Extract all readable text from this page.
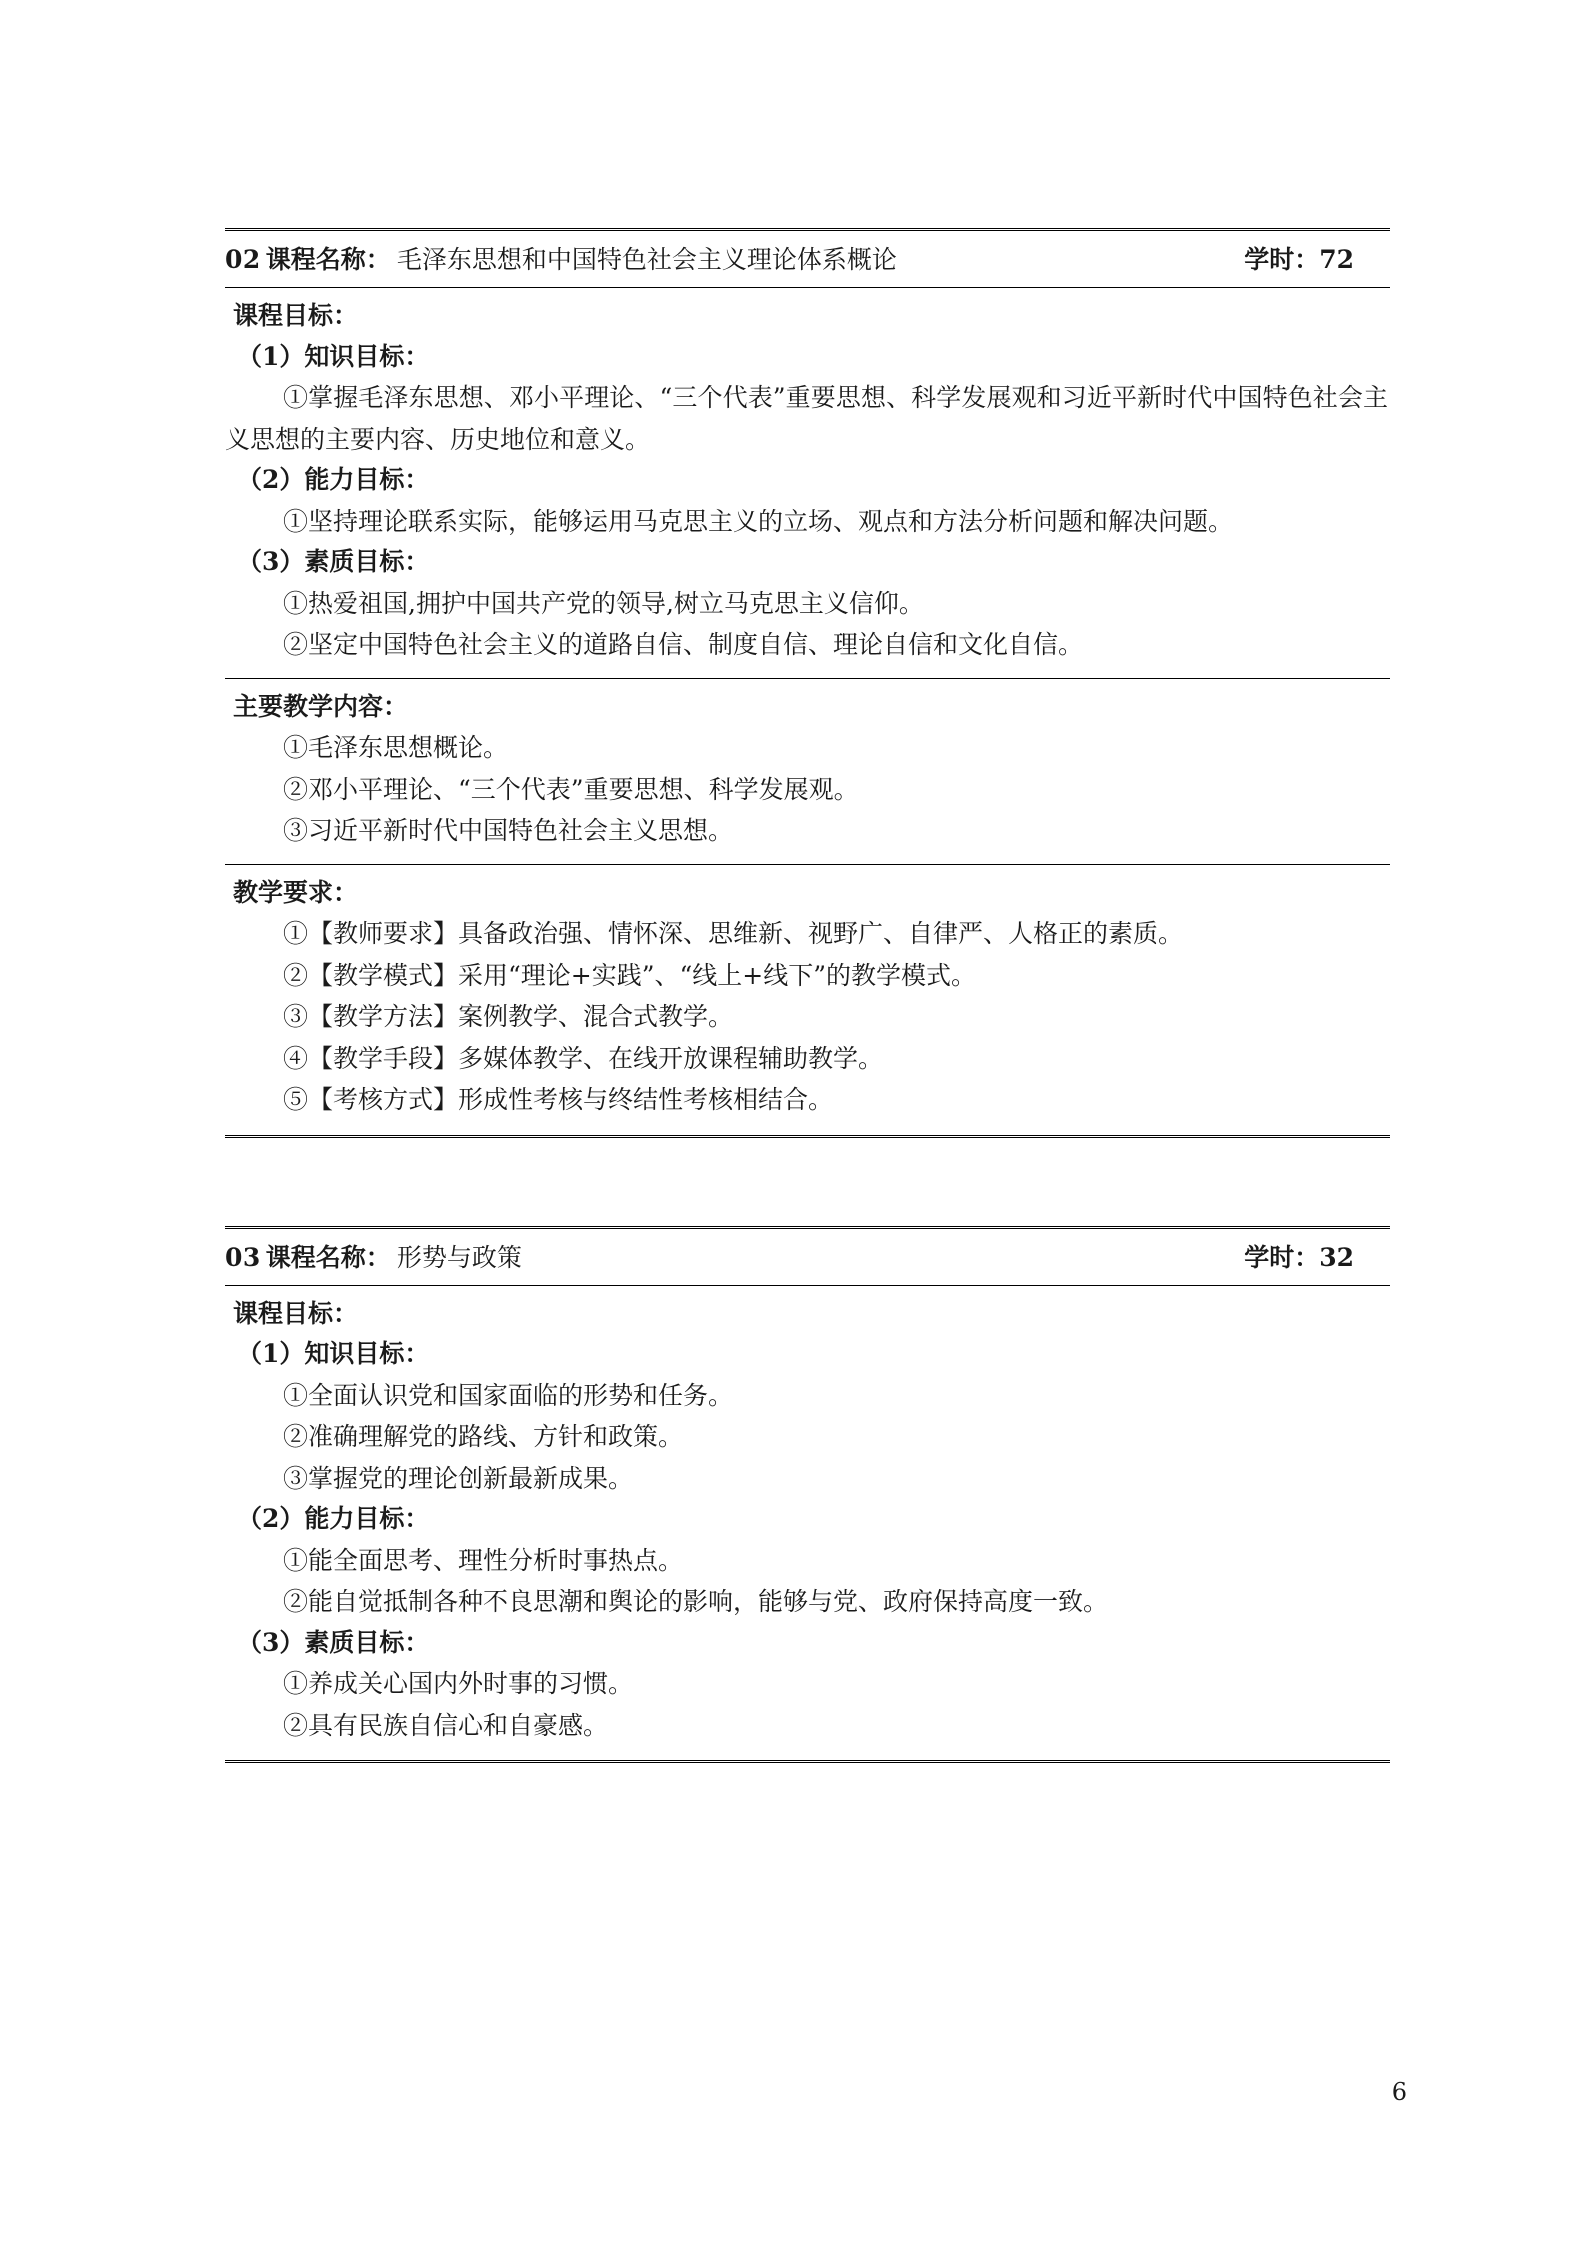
02 课程名称： 毛泽东思想和中国特色社会主义理论体系概论	学时：72

课程目标：
（1）知识目标：
①掌握毛泽东思想、邓小平理论、“三个代表”重要思想、科学发展观和习近平新时代中国特色社会主义思想的主要内容、历史地位和意义。
（2）能力目标：
①坚持理论联系实际，能够运用马克思主义的立场、观点和方法分析问题和解决问题。
（3）素质目标：
①热爱祖国,拥护中国共产党的领导,树立马克思主义信仰。
②坚定中国特色社会主义的道路自信、制度自信、理论自信和文化自信。

主要教学内容：
①毛泽东思想概论。
②邓小平理论、“三个代表”重要思想、科学发展观。
③习近平新时代中国特色社会主义思想。

教学要求：
①【教师要求】具备政治强、情怀深、思维新、视野广、自律严、人格正的素质。
②【教学模式】采用“理论+实践”、“线上+线下”的教学模式。
③【教学方法】案例教学、混合式教学。
④【教学手段】多媒体教学、在线开放课程辅助教学。
⑤【考核方式】形成性考核与终结性考核相结合。
03 课程名称： 形势与政策	学时：32

课程目标：
（1）知识目标：
①全面认识党和国家面临的形势和任务。
②准确理解党的路线、方针和政策。
③掌握党的理论创新最新成果。
（2）能力目标：
①能全面思考、理性分析时事热点。
②能自觉抵制各种不良思潮和舆论的影响，能够与党、政府保持高度一致。
（3）素质目标：
①养成关心国内外时事的习惯。
②具有民族自信心和自豪感。
6
